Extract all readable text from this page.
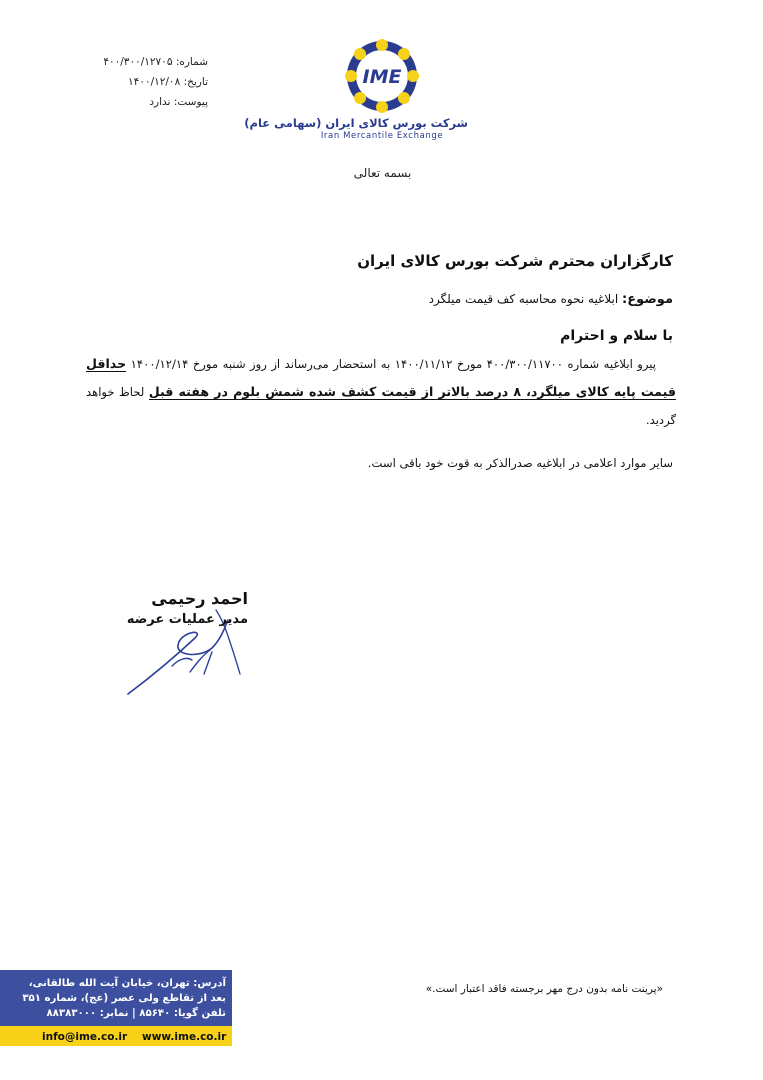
شماره: ۴۰۰/۳۰۰/۱۲۷۰۵
تاریخ: ۱۴۰۰/۱۲/۰۸
پیوست: ندارد
IME
شرکت بورس کالای ایران (سهامی عام)
Iran Mercantile Exchange
بسمه تعالی
کارگزاران محترم شرکت بورس کالای ایران
موضوع: ابلاغیه نحوه محاسبه کف قیمت میلگرد
با سلام و احترام
پیرو ابلاغیه شماره ۴۰۰/۳۰۰/۱۱۷۰۰ مورخ ۱۴۰۰/۱۱/۱۲ به استحضار می‌رساند از روز شنبه مورخ ۱۴۰۰/۱۲/۱۴ حداقل قیمت پایه کالای میلگرد، ۸ درصد بالاتر از قیمت کشف شده شمش بلوم در هفته قبل لحاظ خواهد گردید.
سایر موارد اعلامی در ابلاغیه صدرالذکر به قوت خود باقی است.
احمد رحیمی
مدیر عملیات عرضه
«پرینت نامه بدون درج مهر برجسته فاقد اعتبار است.»
آدرس: تهران، خیابان آیت الله طالقانی،
بعد از تقاطع ولی عصر (عج)، شماره ۳۵۱
تلفن گویا: ۸۵۶۴۰ | نمابر: ۸۸۳۸۳۰۰۰
info@ime.co.ir www.ime.co.ir
